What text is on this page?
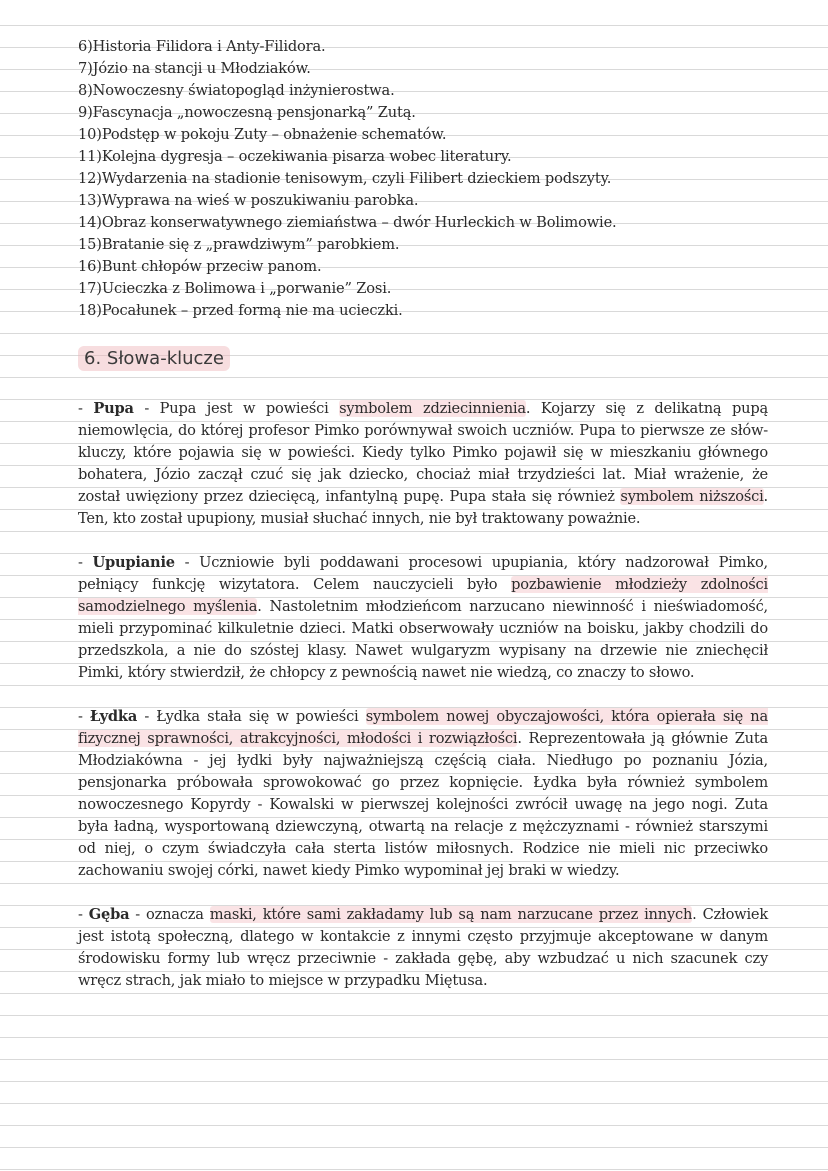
6)Historia Filidora i Anty-Filidora.
7)Józio na stancji u Młodziaków.
8)Nowoczesny światopogląd inżynierostwa.
9)Fascynacja „nowoczesną pensjonarką” Zutą.
10)Podstęp w pokoju Zuty – obnażenie schematów.
11)Kolejna dygresja – oczekiwania pisarza wobec literatury.
12)Wydarzenia na stadionie tenisowym, czyli Filibert dzieckiem podszyty.
13)Wyprawa na wieś w poszukiwaniu parobka.
14)Obraz konserwatywnego ziemiaństwa – dwór Hurleckich w Bolimowie.
15)Bratanie się z „prawdziwym” parobkiem.
16)Bunt chłopów przeciw panom.
17)Ucieczka z Bolimowa i „porwanie” Zosi.
18)Pocałunek – przed formą nie ma ucieczki.
6. Słowa-klucze

- Pupa - Pupa jest w powieści symbolem zdziecinnienia. Kojarzy się z delikatną pupą niemowlęcia, do której profesor Pimko porównywał swoich uczniów. Pupa to pierwsze ze słów-kluczy, które pojawia się w powieści. Kiedy tylko Pimko pojawił się w mieszkaniu głównego bohatera, Józio zaczął czuć się jak dziecko, chociaż miał trzydzieści lat. Miał wrażenie, że został uwięziony przez dziecięcą, infantylną pupę. Pupa stała się również symbolem niższości. Ten, kto został upupiony, musiał słuchać innych, nie był traktowany poważnie.

- Upupianie - Uczniowie byli poddawani procesowi upupiania, który nadzorował Pimko, pełniący funkcję wizytatora. Celem nauczycieli było pozbawienie młodzieży zdolności samodzielnego myślenia. Nastoletnim młodzieńcom narzucano niewinność i nieświadomość, mieli przypominać kilkuletnie dzieci. Matki obserwowały uczniów na boisku, jakby chodzili do przedszkola, a nie do szóstej klasy. Nawet wulgaryzm wypisany na drzewie nie zniechęcił Pimki, który stwierdził, że chłopcy z pewnością nawet nie wiedzą, co znaczy to słowo.

- Łydka - Łydka stała się w powieści symbolem nowej obyczajowości, która opierała się na fizycznej sprawności, atrakcyjności, młodości i rozwiązłości. Reprezentowała ją głównie Zuta Młodziakówna - jej łydki były najważniejszą częścią ciała. Niedługo po poznaniu Józia, pensjonarka próbowała sprowokować go przez kopnięcie. Łydka była również symbolem nowoczesnego Kopyrdy - Kowalski w pierwszej kolejności zwrócił uwagę na jego nogi. Zuta była ładną, wysportowaną dziewczyną, otwartą na relacje z mężczyznami - również starszymi od niej, o czym świadczyła cała sterta listów miłosnych. Rodzice nie mieli nic przeciwko zachowaniu swojej córki, nawet kiedy Pimko wypominał jej braki w wiedzy.

- Gęba - oznacza maski, które sami zakładamy lub są nam narzucane przez innych. Człowiek jest istotą społeczną, dlatego w kontakcie z innymi często przyjmuje akceptowane w danym środowisku formy lub wręcz przeciwnie - zakłada gębę, aby wzbudzać u nich szacunek czy wręcz strach, jak miało to miejsce w przypadku Miętusa.
